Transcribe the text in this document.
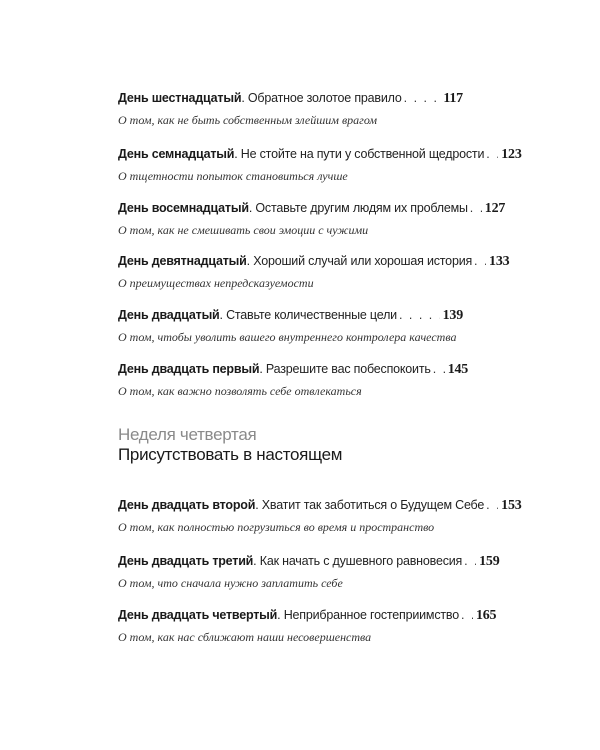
День шестнадцатый .
Обратное золотое правило . . .	117
О том, как не быть собственным злейшим врагом
День семнадцатый .
Не стойте на пути у собственной щедрости . . . 123
О тщетности попыток становиться лучше
День восемнадцатый .
Оставьте другим людям их проблемы . . . 127
О том, как не смешивать свои эмоции с чужими
День девятнадцатый .
Хороший случай или хорошая история . . . 133
О преимуществах непредсказуемости
День двадцатый .
Ставьте количественные цели . . .	139
О том, чтобы уволить вашего внутреннего контролера качества
День двадцать первый .
Разрешите вас побеспокоить . . . 145
О том, как важно позволять себе отвлекаться
Неделя четвертая
Присутствовать в настоящем
День двадцать второй .
Хватит так заботиться о Будущем Себе . . . 153
О том, как полностью погрузиться во время и пространство
День двадцать третий .
Как начать с душевного равновесия . . . 159
О том, что сначала нужно заплатить себе
День двадцать четвертый .
Неприбранное гостеприимство . . . 165
О том, как нас сближают наши несовершенства
